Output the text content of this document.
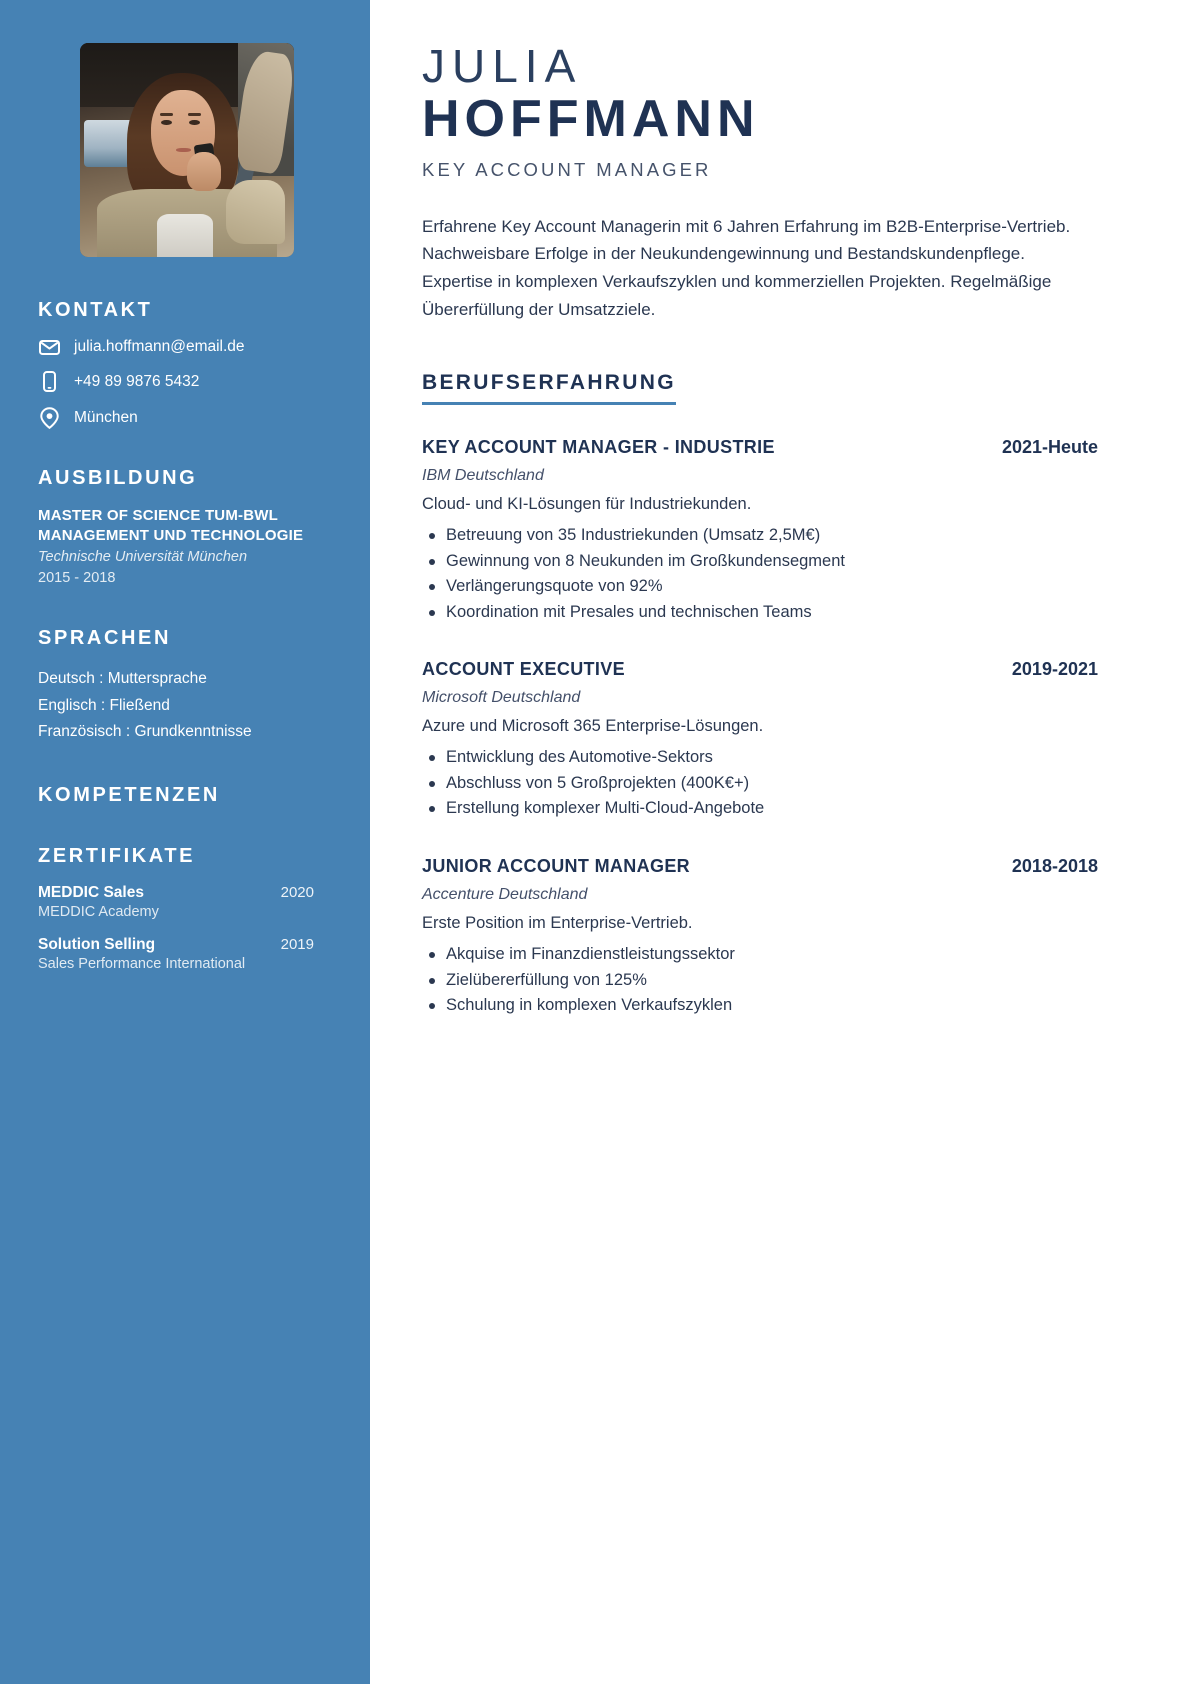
KONTAKT
julia.hoffmann@email.de
+49 89 9876 5432
München
AUSBILDUNG
MASTER OF SCIENCE TUM-BWL MANAGEMENT UND TECHNOLOGIE
Technische Universität München
2015 - 2018
SPRACHEN
Deutsch : Muttersprache
Englisch : Fließend
Französisch : Grundkenntnisse
KOMPETENZEN
ZERTIFIKATE
MEDDIC Sales	2020
MEDDIC Academy
Solution Selling	2019
Sales Performance International
JULIA
HOFFMANN
KEY ACCOUNT MANAGER

Erfahrene Key Account Managerin mit 6 Jahren Erfahrung im B2B-Enterprise-Vertrieb. Nachweisbare Erfolge in der Neukundengewinnung und Bestandskundenpflege. Expertise in komplexen Verkaufszyklen und kommerziellen Projekten. Regelmäßige Übererfüllung der Umsatzziele.

BERUFSERFAHRUNG
KEY ACCOUNT MANAGER - INDUSTRIE	2021-Heute
IBM Deutschland
Cloud- und KI-Lösungen für Industriekunden.
Betreuung von 35 Industriekunden (Umsatz 2,5M€)
Gewinnung von 8 Neukunden im Großkundensegment
Verlängerungsquote von 92%
Koordination mit Presales und technischen Teams
ACCOUNT EXECUTIVE	2019-2021
Microsoft Deutschland
Azure und Microsoft 365 Enterprise-Lösungen.
Entwicklung des Automotive-Sektors
Abschluss von 5 Großprojekten (400K€+)
Erstellung komplexer Multi-Cloud-Angebote
JUNIOR ACCOUNT MANAGER	2018-2018
Accenture Deutschland
Erste Position im Enterprise-Vertrieb.
Akquise im Finanzdienstleistungssektor
Zielübererfüllung von 125%
Schulung in komplexen Verkaufszyklen
